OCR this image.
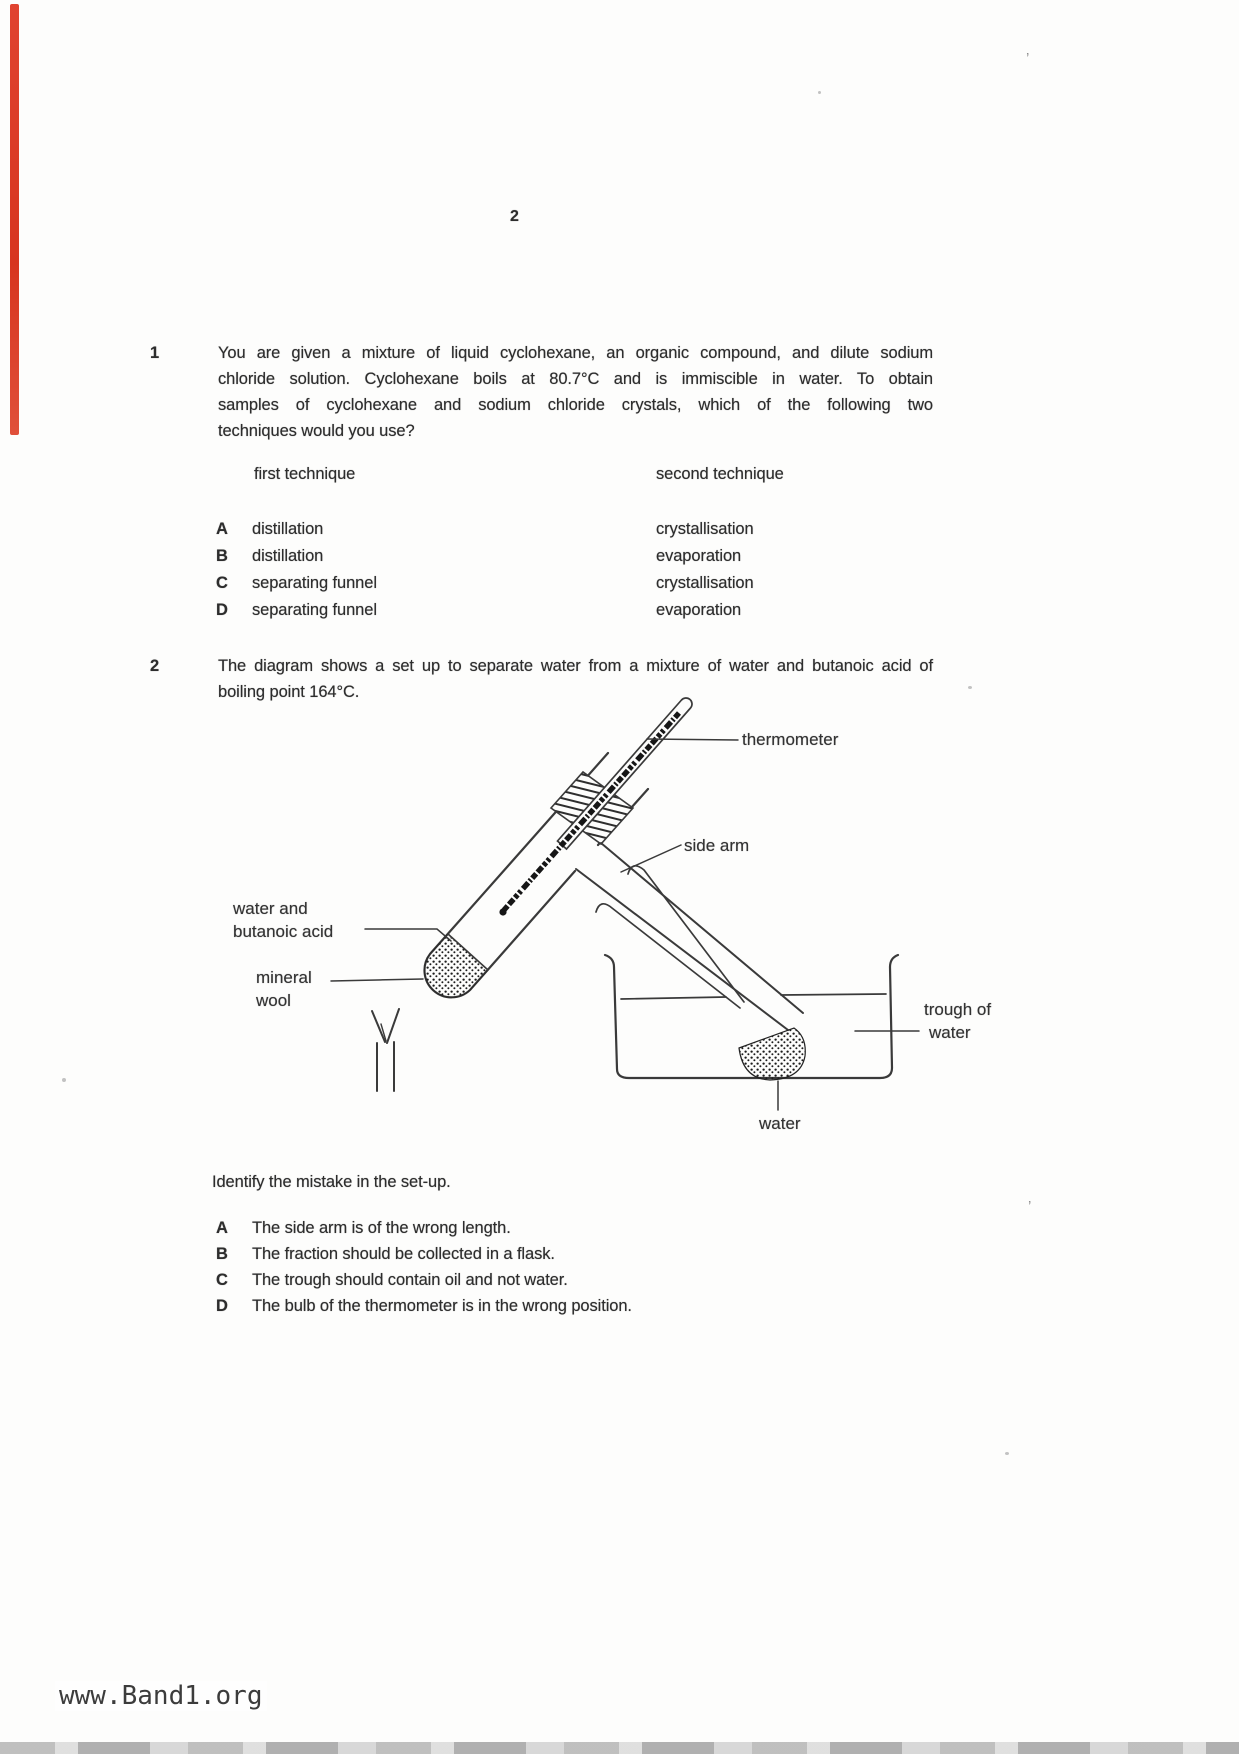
2
1	You are given a mixture of liquid cyclohexane, an organic compound, and dilute sodium
chloride solution. Cyclohexane boils at 80.7°C and is immiscible in water. To obtain
samples of cyclohexane and sodium chloride crystals, which of the following two
techniques would you use?
first technique	second technique
A distillation	crystallisation
B distillation	evaporation
C separating funnel	crystallisation
D separating funnel	evaporation
2	The diagram shows a set up to separate water from a mixture of water and butanoic acid of
boiling point 164°C.
thermometer
side arm
water and
butanoic acid
mineral
wool	trough of
water
water
Identify the mistake in the set-up.
A The side arm is of the wrong length.
B The fraction should be collected in a flask.
C The trough should contain oil and not water.
D The bulb of the thermometer is in the wrong position.
www.Band1.org
’
’
